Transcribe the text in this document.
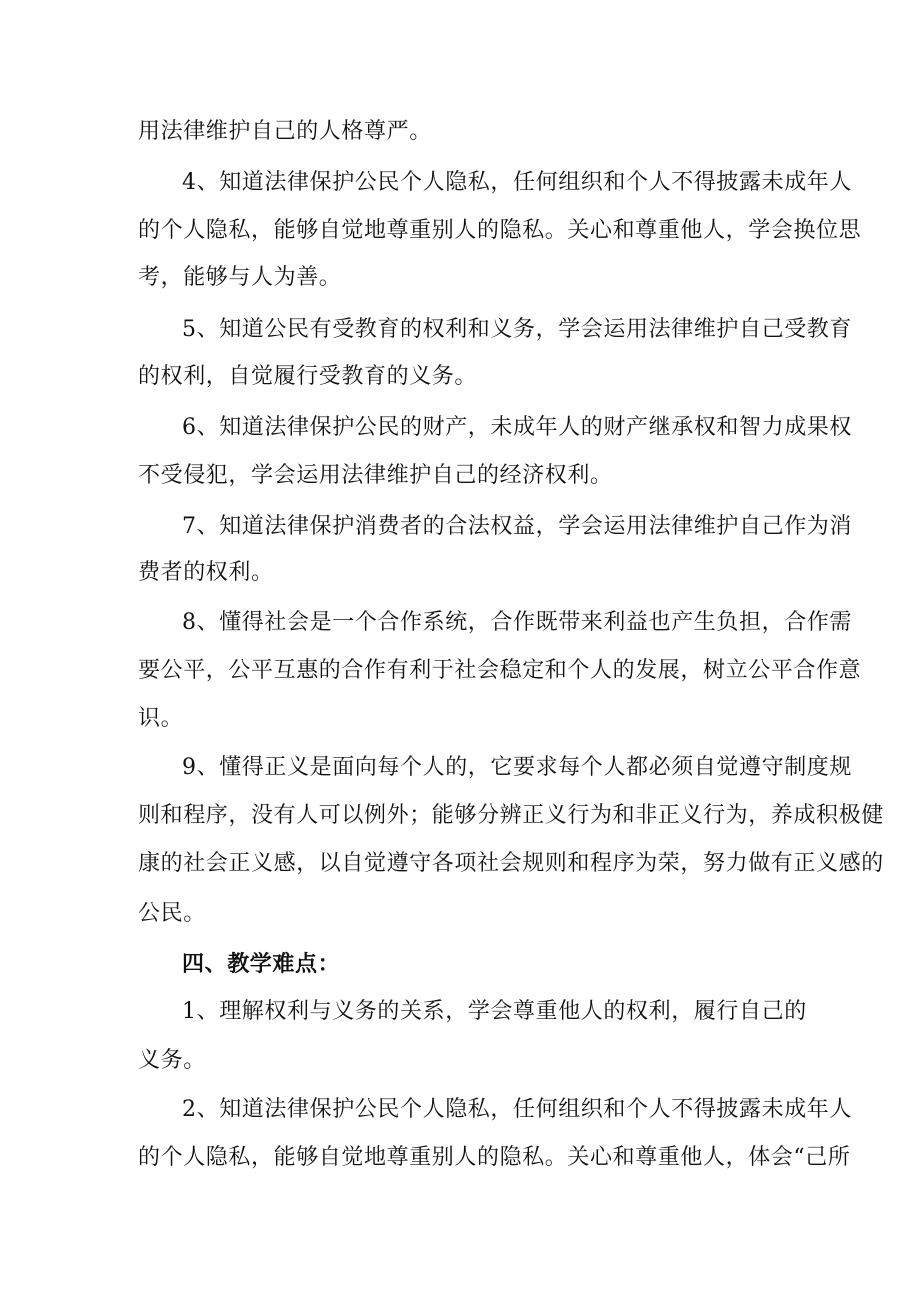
用法律维护自己的人格尊严。
4、知道法律保护公民个人隐私，任何组织和个人不得披露未成年人
的个人隐私，能够自觉地尊重别人的隐私。关心和尊重他人，学会换位思
考，能够与人为善。
5、知道公民有受教育的权利和义务，学会运用法律维护自己受教育
的权利，自觉履行受教育的义务。
6、知道法律保护公民的财产，未成年人的财产继承权和智力成果权
不受侵犯，学会运用法律维护自己的经济权利。
7、知道法律保护消费者的合法权益，学会运用法律维护自己作为消
费者的权利。
8、懂得社会是一个合作系统，合作既带来利益也产生负担，合作需
要公平，公平互惠的合作有利于社会稳定和个人的发展，树立公平合作意
识。
9、懂得正义是面向每个人的，它要求每个人都必须自觉遵守制度规
则和程序，没有人可以例外；能够分辨正义行为和非正义行为，养成积极健
康的社会正义感，以自觉遵守各项社会规则和程序为荣，努力做有正义感的
公民。
四、教学难点：
1、理解权利与义务的关系，学会尊重他人的权利，履行自己的
义务。
2、知道法律保护公民个人隐私，任何组织和个人不得披露未成年人
的个人隐私，能够自觉地尊重别人的隐私。关心和尊重他人，体会“己所
